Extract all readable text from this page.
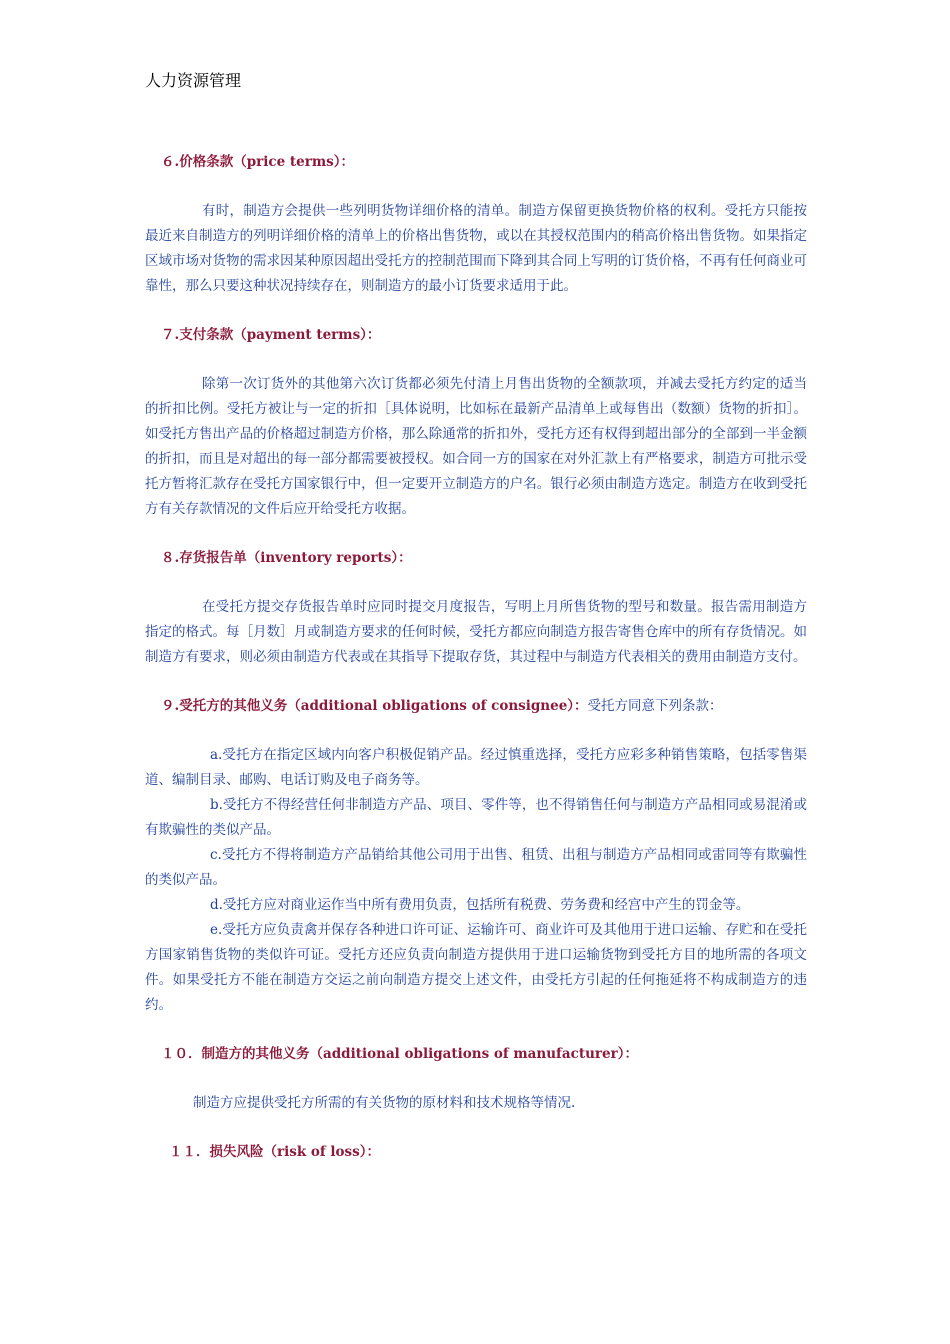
人力资源管理
６.价格条款（price terms）：

有时，制造方会提供一些列明货物详细价格的清单。制造方保留更换货物价格的权利。受托方只能按最近来自制造方的列明详细价格的清单上的价格出售货物，或以在其授权范围内的稍高价格出售货物。如果指定区域市场对货物的需求因某种原因超出受托方的控制范围而下降到其合同上写明的订货价格，不再有任何商业可靠性，那么只要这种状况持续存在，则制造方的最小订货要求适用于此。

７.支付条款（payment terms）：

除第一次订货外的其他第六次订货都必须先付清上月售出货物的全额款项，并减去受托方约定的适当的折扣比例。受托方被让与一定的折扣［具体说明，比如标在最新产品清单上或每售出（数额）货物的折扣］。如受托方售出产品的价格超过制造方价格，那么除通常的折扣外，受托方还有权得到超出部分的全部到一半金额的折扣，而且是对超出的每一部分都需要被授权。如合同一方的国家在对外汇款上有严格要求，制造方可批示受托方暂将汇款存在受托方国家银行中，但一定要开立制造方的户名。银行必须由制造方选定。制造方在收到受托方有关存款情况的文件后应开给受托方收据。

８.存货报告单（inventory reports）：

在受托方提交存货报告单时应同时提交月度报告，写明上月所售货物的型号和数量。报告需用制造方指定的格式。每［月数］月或制造方要求的任何时候，受托方都应向制造方报告寄售仓库中的所有存货情况。如制造方有要求，则必须由制造方代表或在其指导下提取存货，其过程中与制造方代表相关的费用由制造方支付。

９.受托方的其他义务（additional obligations of consignee）：受托方同意下列条款：

a.受托方在指定区域内向客户积极促销产品。经过慎重选择，受托方应彩多种销售策略，包括零售渠道、编制目录、邮购、电话订购及电子商务等。

b.受托方不得经营任何非制造方产品、项目、零件等，也不得销售任何与制造方产品相同或易混淆或有欺骗性的类似产品。

c.受托方不得将制造方产品销给其他公司用于出售、租赁、出租与制造方产品相同或雷同等有欺骗性的类似产品。

d.受托方应对商业运作当中所有费用负责，包括所有税费、劳务费和经宫中产生的罚金等。

e.受托方应负责禽并保存各种进口许可证、运输许可、商业许可及其他用于进口运输、存贮和在受托方国家销售货物的类似许可证。受托方还应负责向制造方提供用于进口运输货物到受托方目的地所需的各项文件。如果受托方不能在制造方交运之前向制造方提交上述文件，由受托方引起的任何拖延将不构成制造方的违约。

１０．制造方的其他义务（additional obligations of manufacturer）：

制造方应提供受托方所需的有关货物的原材料和技术规格等情况.

１１．损失风险（risk of loss）：
